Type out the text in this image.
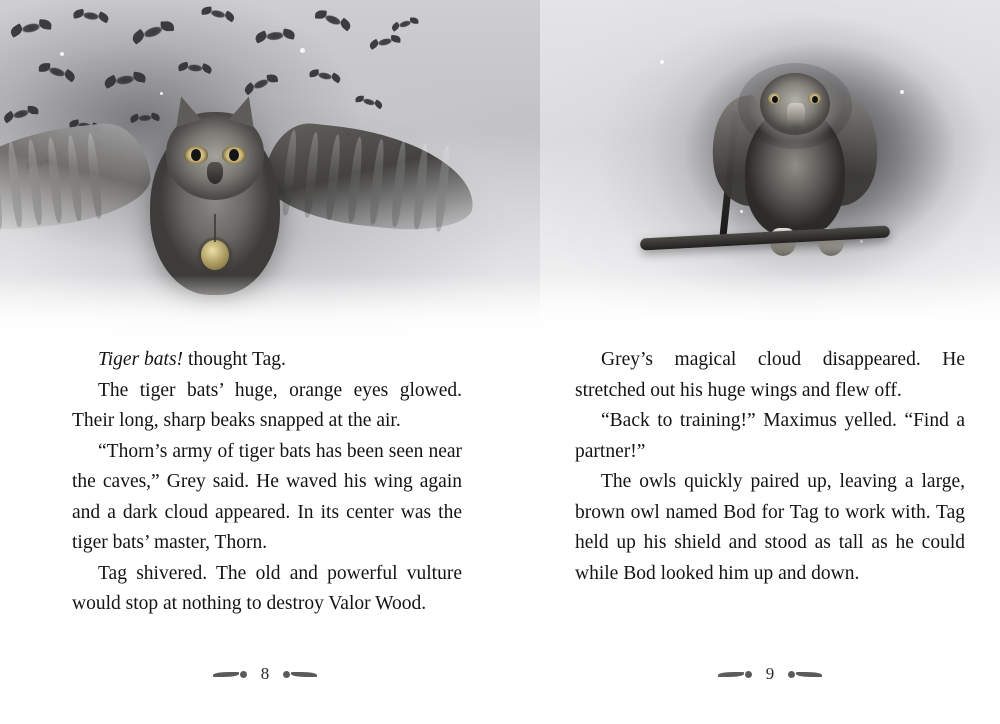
Tiger bats! thought Tag.

The tiger bats’ huge, orange eyes glowed. Their long, sharp beaks snapped at the air.

“Thorn’s army of tiger bats has been seen near the caves,” Grey said. He waved his wing again and a dark cloud appeared. In its center was the tiger bats’ master, Thorn.

Tag shivered. The old and powerful vulture would stop at nothing to destroy Valor Wood.

Grey’s magical cloud disappeared. He stretched out his huge wings and flew off.

“Back to training!” Maximus yelled. “Find a partner!”

The owls quickly paired up, leaving a large, brown owl named Bod for Tag to work with. Tag held up his shield and stood as tall as he could while Bod looked him up and down.

8	9
